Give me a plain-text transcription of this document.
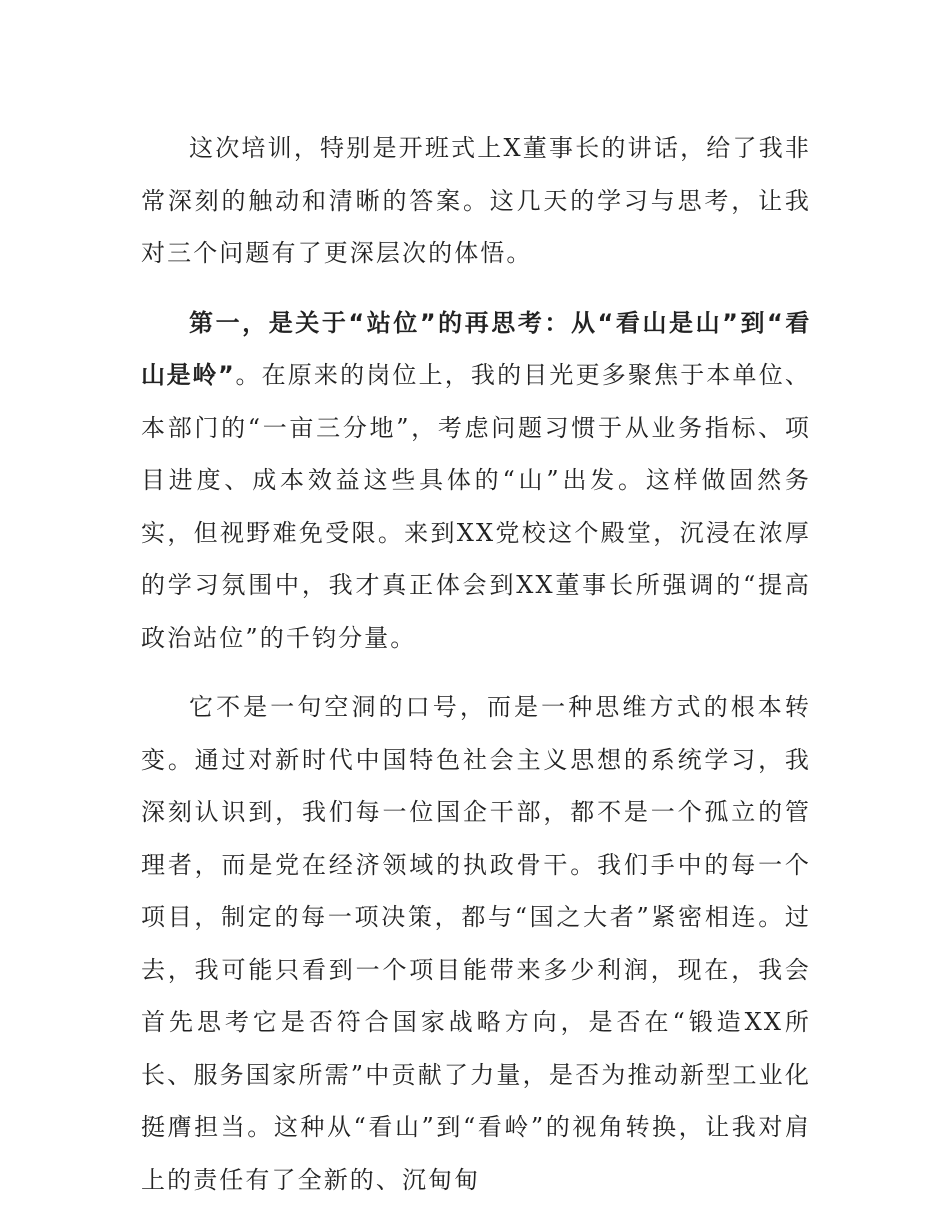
这次培训，特别是开班式上X董事长的讲话，给了我非常深刻的触动和清晰的答案。这几天的学习与思考，让我对三个问题有了更深层次的体悟。

第一，是关于“站位”的再思考：从“看山是山”到“看山是岭”。在原来的岗位上，我的目光更多聚焦于本单位、本部门的“一亩三分地”，考虑问题习惯于从业务指标、项目进度、成本效益这些具体的“山”出发。这样做固然务实，但视野难免受限。来到XX党校这个殿堂，沉浸在浓厚的学习氛围中，我才真正体会到XX董事长所强调的“提高政治站位”的千钧分量。

它不是一句空洞的口号，而是一种思维方式的根本转变。通过对新时代中国特色社会主义思想的系统学习，我深刻认识到，我们每一位国企干部，都不是一个孤立的管理者，而是党在经济领域的执政骨干。我们手中的每一个项目，制定的每一项决策，都与“国之大者”紧密相连。过去，我可能只看到一个项目能带来多少利润，现在，我会首先思考它是否符合国家战略方向，是否在“锻造XX所长、服务国家所需”中贡献了力量，是否为推动新型工业化挺膺担当。这种从“看山”到“看岭”的视角转换，让我对肩上的责任有了全新的、沉甸甸
